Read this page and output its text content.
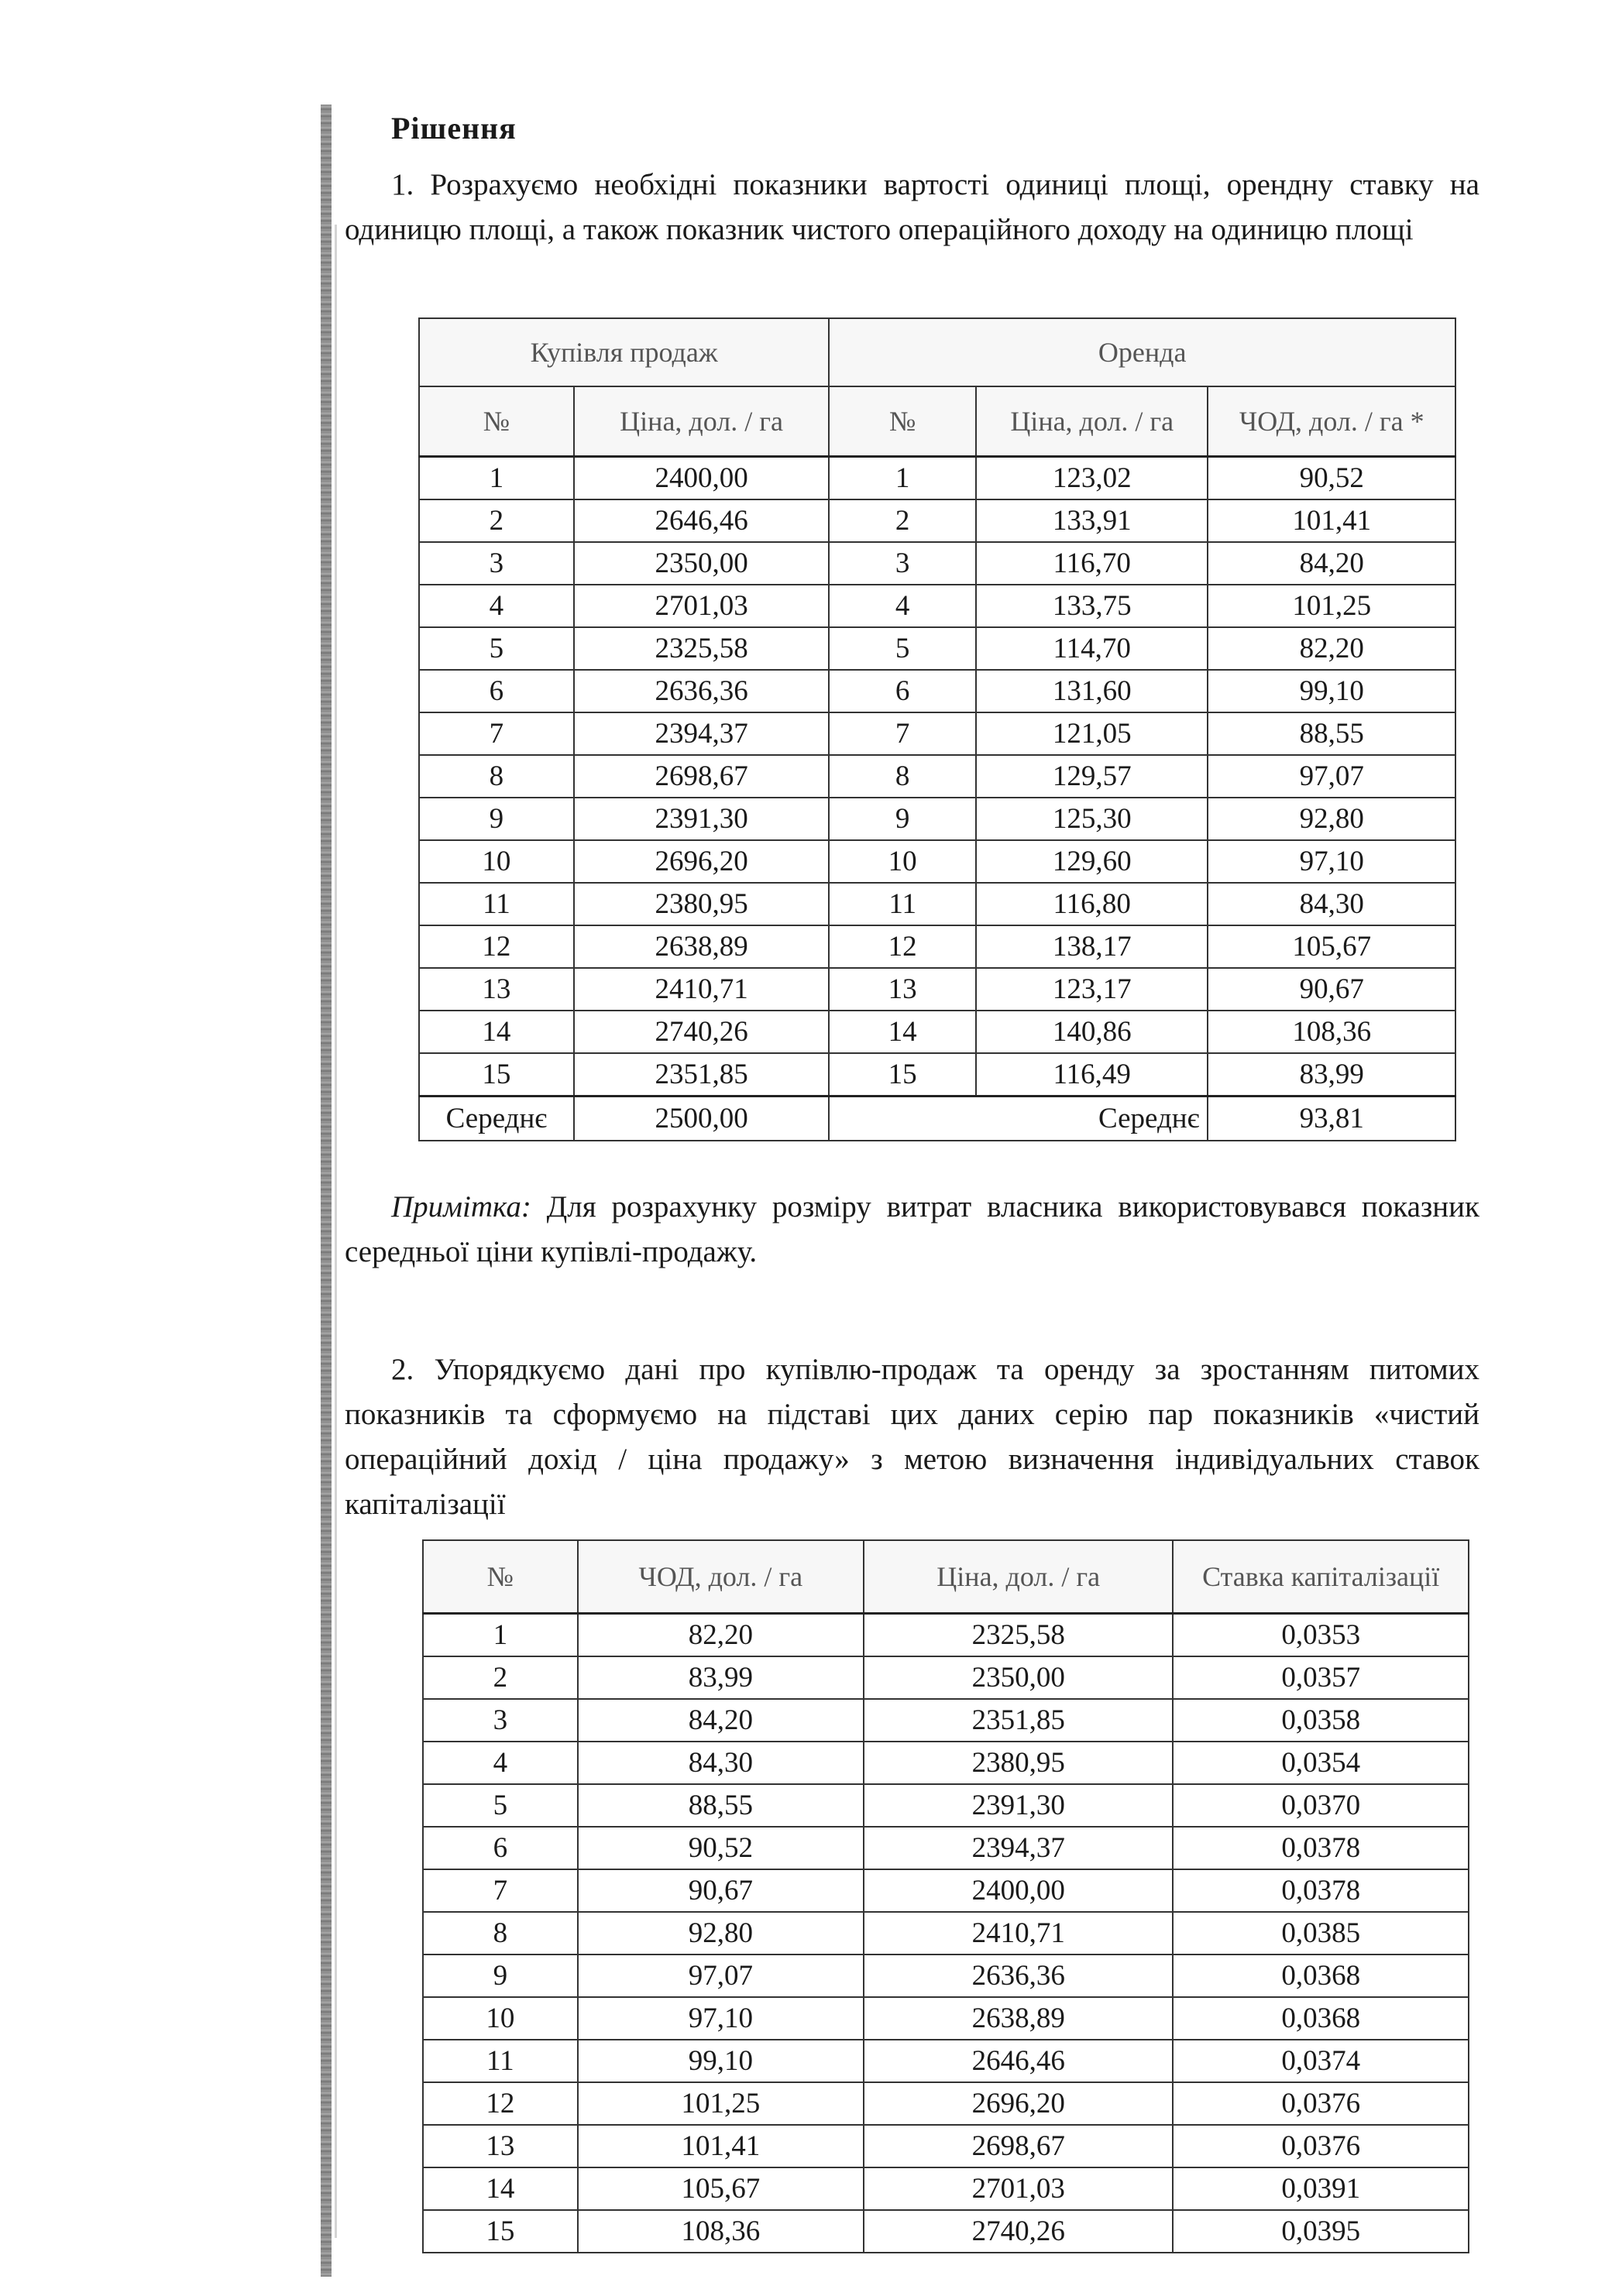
Рішення

1. Розрахуємо необхідні показники вартості одиниці площі, орендну ставку на одиницю площі, а також показник чистого операційного доходу на одиницю площі

Купівля продаж		Оренда		
№	Ціна, дол. / га	№	Ціна, дол. / га	ЧОД, дол. / га *
1	2400,00	1	123,02	90,52
2	2646,46	2	133,91	101,41
3	2350,00	3	116,70	84,20
4	2701,03	4	133,75	101,25
5	2325,58	5	114,70	82,20
6	2636,36	6	131,60	99,10
7	2394,37	7	121,05	88,55
8	2698,67	8	129,57	97,07
9	2391,30	9	125,30	92,80
10	2696,20	10	129,60	97,10
11	2380,95	11	116,80	84,30
12	2638,89	12	138,17	105,67
13	2410,71	13	123,17	90,67
14	2740,26	14	140,86	108,36
15	2351,85	15	116,49	83,99
Середнє	2500,00	Середнє		93,81

Примітка: Для розрахунку розміру витрат власника використовувався показник середньої ціни купівлі-продажу.

2. Упорядкуємо дані про купівлю-продаж та оренду за зростанням питомих показників та сформуємо на підставі цих даних серію пар показників «чистий операційний дохід / ціна продажу» з метою визначення індивідуальних ставок капіталізації

№	ЧОД, дол. / га	Ціна, дол. / га	Ставка капіталізації
1	82,20	2325,58	0,0353
2	83,99	2350,00	0,0357
3	84,20	2351,85	0,0358
4	84,30	2380,95	0,0354
5	88,55	2391,30	0,0370
6	90,52	2394,37	0,0378
7	90,67	2400,00	0,0378
8	92,80	2410,71	0,0385
9	97,07	2636,36	0,0368
10	97,10	2638,89	0,0368
11	99,10	2646,46	0,0374
12	101,25	2696,20	0,0376
13	101,41	2698,67	0,0376
14	105,67	2701,03	0,0391
15	108,36	2740,26	0,0395
